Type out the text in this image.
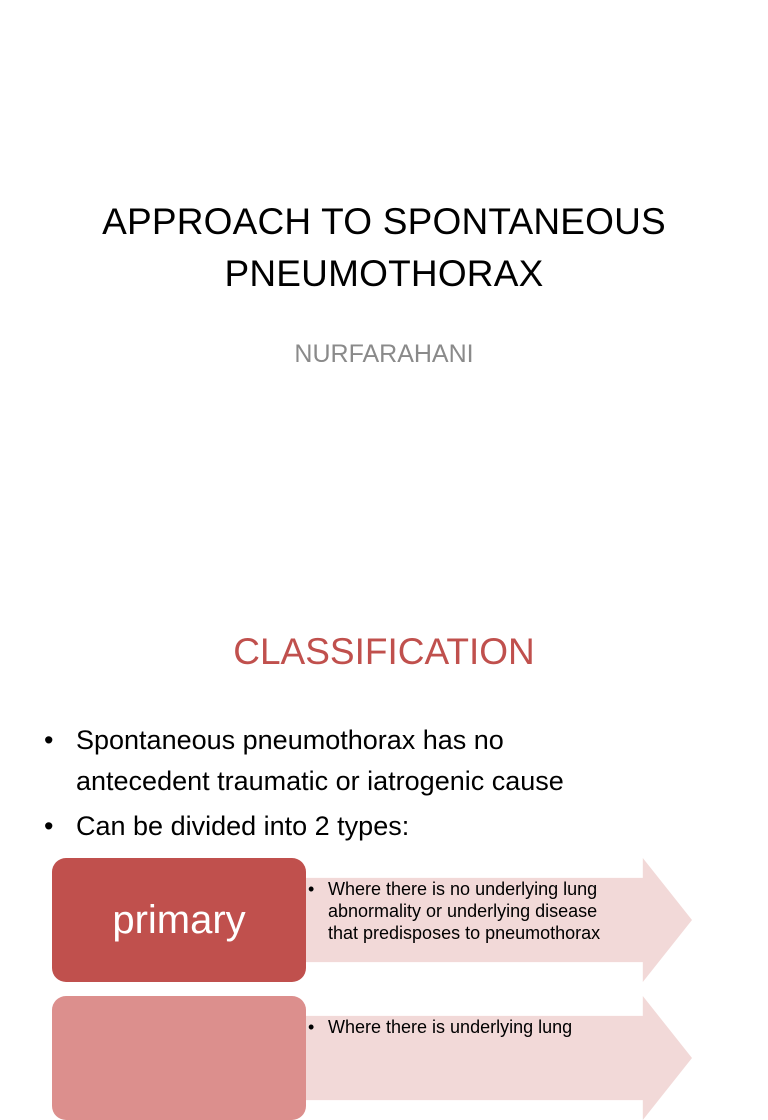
APPROACH TO SPONTANEOUS
PNEUMOTHORAX
NURFARAHANI
CLASSIFICATION
• Spontaneous pneumothorax has no
antecedent traumatic or iatrogenic cause
• Can be divided into 2 types:
primary
• Where there is no underlying lung
abnormality or underlying disease
that predisposes to pneumothorax
• Where there is underlying lung
